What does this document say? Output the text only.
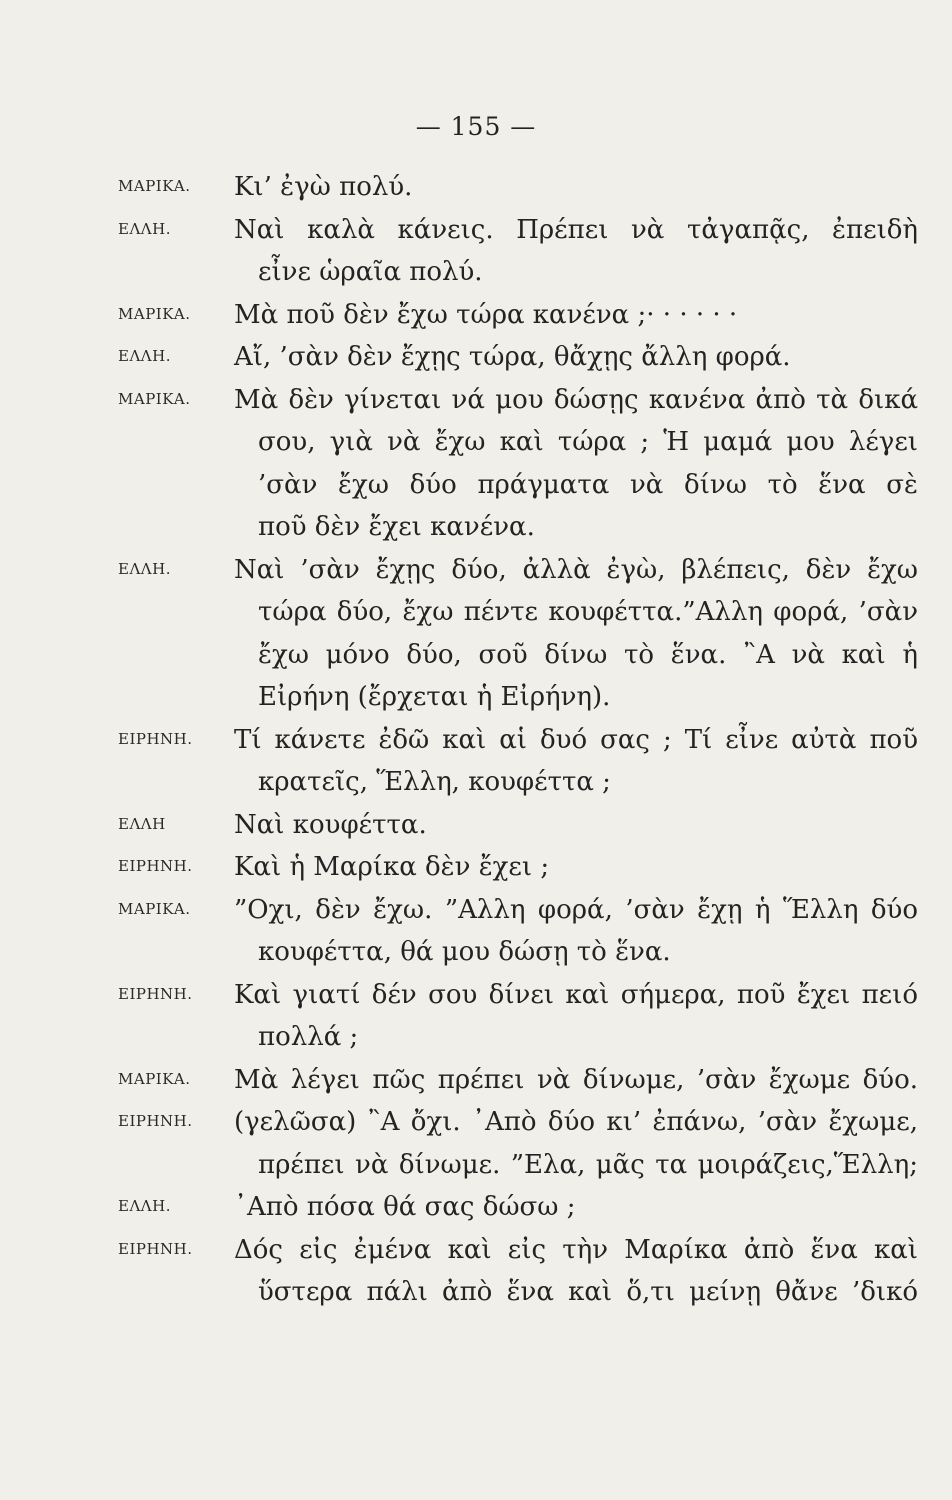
— 155 —
ΜΑΡΙΚΑ.	Κι’ ἐγὼ πολύ.
ΕΛΛΗ.	Ναὶ καλὰ κάνεις. Πρέπει νὰ τἀγαπᾷς, ἐπειδὴ
εἶνε ὡραῖα πολύ.
ΜΑΡΙΚΑ.	Μὰ ποῦ δὲν ἔχω τώρα κανένα ;· · · · · ·
ΕΛΛΗ.	Αἴ, ’σὰν δὲν ἔχῃς τώρα, θἄχῃς ἄλλη φορά.
ΜΑΡΙΚΑ.	Μὰ δὲν γίνεται νά μου δώσῃς κανένα ἀπὸ τὰ δικά
σου, γιὰ νὰ ἔχω καὶ τώρα ; Ἡ μαμά μου λέγει
’σὰν ἔχω δύο πράγματα νὰ δίνω τὸ ἕνα σὲ
ποῦ δὲν ἔχει κανένα.
ΕΛΛΗ.	Ναὶ ’σὰν ἔχῃς δύο, ἀλλὰ ἐγὼ, βλέπεις, δὲν ἔχω
τώρα δύο, ἔχω πέντε κουφέττα.”Αλλη φορά, ’σὰν
ἔχω μόνο δύο, σοῦ δίνω τὸ ἕνα. ῍Α νὰ καὶ ἡ
Εἰρήνη (ἔρχεται ἡ Εἰρήνη).
ΕΙΡΗΝΗ.	Τί κάνετε ἐδῶ καὶ αἱ δυό σας ; Τί εἶνε αὐτὰ ποῦ
κρατεῖς, Ἕλλη, κουφέττα ;
ΕΛΛΗ	Ναὶ κουφέττα.
ΕΙΡΗΝΗ.	Καὶ ἡ Μαρίκα δὲν ἔχει ;
ΜΑΡΙΚΑ.	”Οχι, δὲν ἔχω. ”Αλλη φορά, ’σὰν ἔχῃ ἡ Ἕλλη δύο
κουφέττα, θά μου δώσῃ τὸ ἕνα.
ΕΙΡΗΝΗ.	Καὶ γιατί δέν σου δίνει καὶ σήμερα, ποῦ ἔχει πειό
πολλά ;
ΜΑΡΙΚΑ.	Μὰ λέγει πῶς πρέπει νὰ δίνωμε, ’σὰν ἔχωμε δύο.
ΕΙΡΗΝΗ.	(γελῶσα) ῍Α ὄχι. ᾿Απὸ δύο κι’ ἐπάνω, ’σὰν ἔχωμε,
πρέπει νὰ δίνωμε. ”Ελα, μᾶς τα μοιράζεις,Ἕλλη;
ΕΛΛΗ.	᾿Απὸ πόσα θά σας δώσω ;
ΕΙΡΗΝΗ.	Δός εἰς ἐμένα καὶ εἰς τὴν Μαρίκα ἀπὸ ἕνα καὶ
ὕστερα πάλι ἀπὸ ἕνα καὶ ὅ,τι μείνῃ θἄνε ’δικό
